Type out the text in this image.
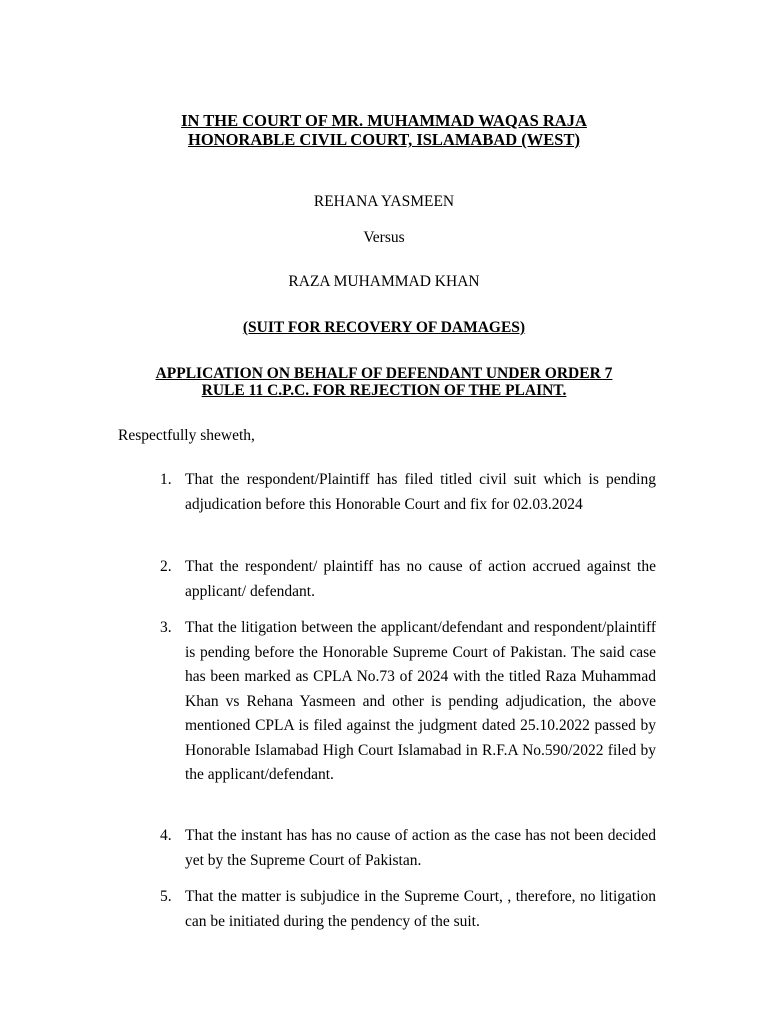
IN THE COURT OF MR. MUHAMMAD WAQAS RAJA
HONORABLE CIVIL COURT, ISLAMABAD (WEST)
REHANA YASMEEN
Versus
RAZA MUHAMMAD KHAN
(SUIT FOR RECOVERY OF DAMAGES)
APPLICATION ON BEHALF OF DEFENDANT UNDER ORDER 7
RULE 11 C.P.C. FOR REJECTION OF THE PLAINT.
Respectfully sheweth,
1. That the respondent/Plaintiff has filed titled civil suit which is pending adjudication before this Honorable Court and fix for 02.03.2024
2. That the respondent/ plaintiff has no cause of action accrued against the applicant/ defendant.
3. That the litigation between the applicant/defendant and respondent/plaintiff is pending before the Honorable Supreme Court of Pakistan. The said case has been marked as CPLA No.73 of 2024 with the titled Raza Muhammad Khan vs Rehana Yasmeen and other is pending adjudication, the above mentioned CPLA is filed against the judgment dated 25.10.2022 passed by Honorable Islamabad High Court Islamabad in R.F.A No.590/2022 filed by the applicant/defendant.
4. That the instant has has no cause of action as the case has not been decided yet by the Supreme Court of Pakistan.
5. That the matter is subjudice in the Supreme Court, , therefore, no litigation can be initiated during the pendency of the suit.
